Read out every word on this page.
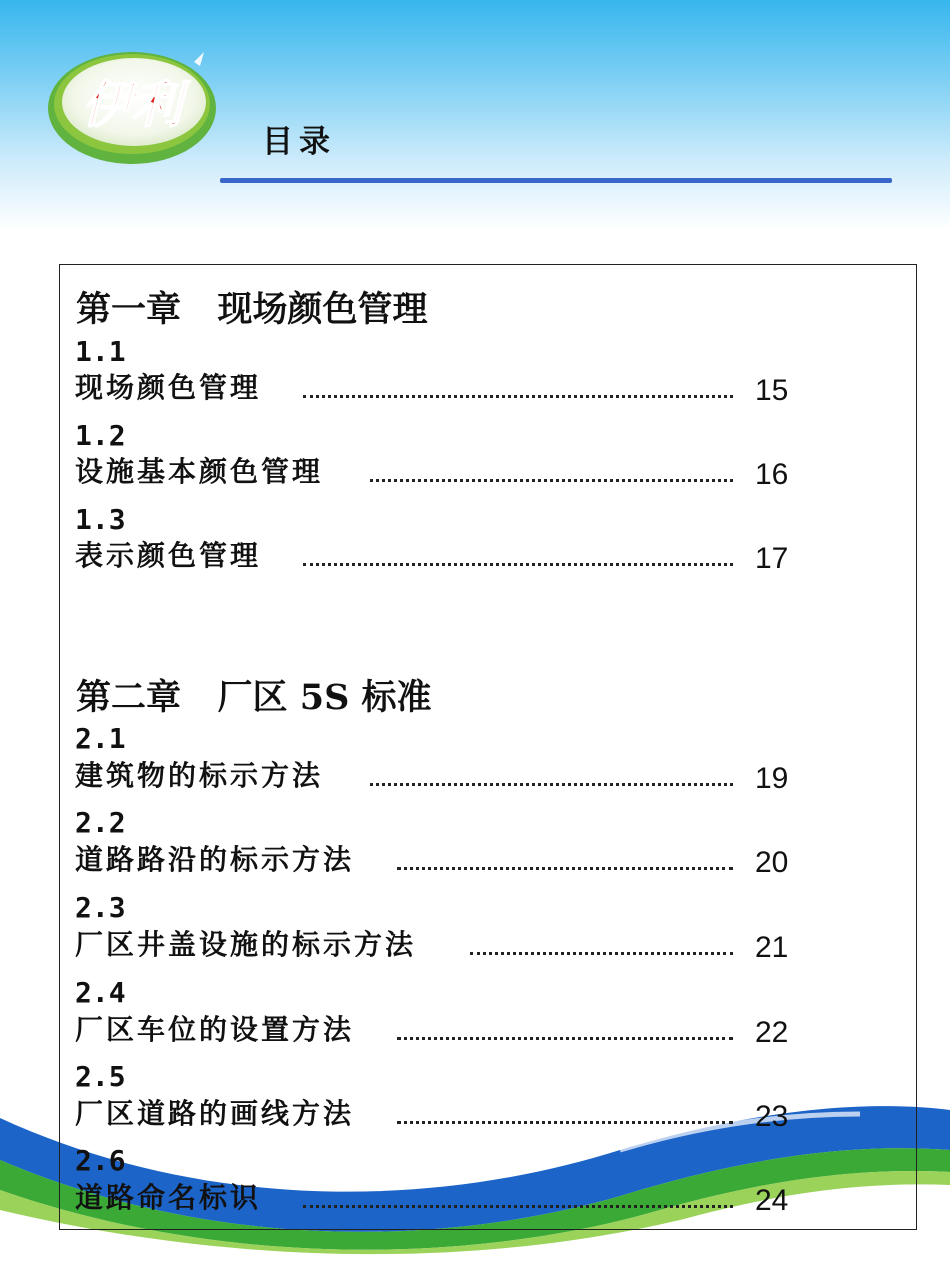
伊利
目录
第一章   现场颜色管理
1.1
现场颜色管理	15
1.2
设施基本颜色管理	16
1.3
表示颜色管理	17
第二章   厂区 5S 标准
2.1
建筑物的标示方法	19
2.2
道路路沿的标示方法	20
2.3
厂区井盖设施的标示方法	21
2.4
厂区车位的设置方法	22
2.5
厂区道路的画线方法	23
2.6
道路命名标识	24
